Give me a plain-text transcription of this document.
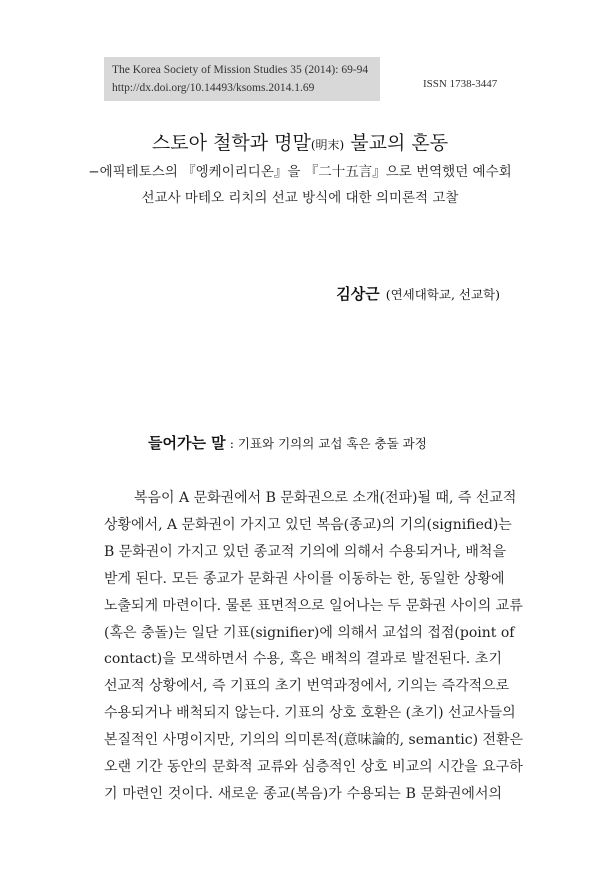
The Korea Society of Mission Studies 35 (2014): 69-94
http://dx.doi.org/10.14493/ksoms.2014.1.69	ISSN 1738-3447
스토아 철학과 명말(明末) 불교의 혼동
−에픽테토스의 『엥케이리디온』을 『二十五言』으로 번역했던 예수회
선교사 마테오 리치의 선교 방식에 대한 의미론적 고찰
김상근 (연세대학교, 선교학)
들어가는 말 : 기표와 기의의 교섭 혹은 충돌 과정
복음이 A 문화권에서 B 문화권으로 소개(전파)될 때, 즉 선교적
상황에서, A 문화권이 가지고 있던 복음(종교)의 기의(signified)는
B 문화권이 가지고 있던 종교적 기의에 의해서 수용되거나, 배척을
받게 된다. 모든 종교가 문화권 사이를 이동하는 한, 동일한 상황에
노출되게 마련이다. 물론 표면적으로 일어나는 두 문화권 사이의 교류
(혹은 충돌)는 일단 기표(signifier)에 의해서 교섭의 접점(point of
contact)을 모색하면서 수용, 혹은 배척의 결과로 발전된다. 초기
선교적 상황에서, 즉 기표의 초기 번역과정에서, 기의는 즉각적으로
수용되거나 배척되지 않는다. 기표의 상호 호환은 (초기) 선교사들의
본질적인 사명이지만, 기의의 의미론적(意味論的, semantic) 전환은
오랜 기간 동안의 문화적 교류와 심층적인 상호 비교의 시간을 요구하
기 마련인 것이다. 새로운 종교(복음)가 수용되는 B 문화권에서의
